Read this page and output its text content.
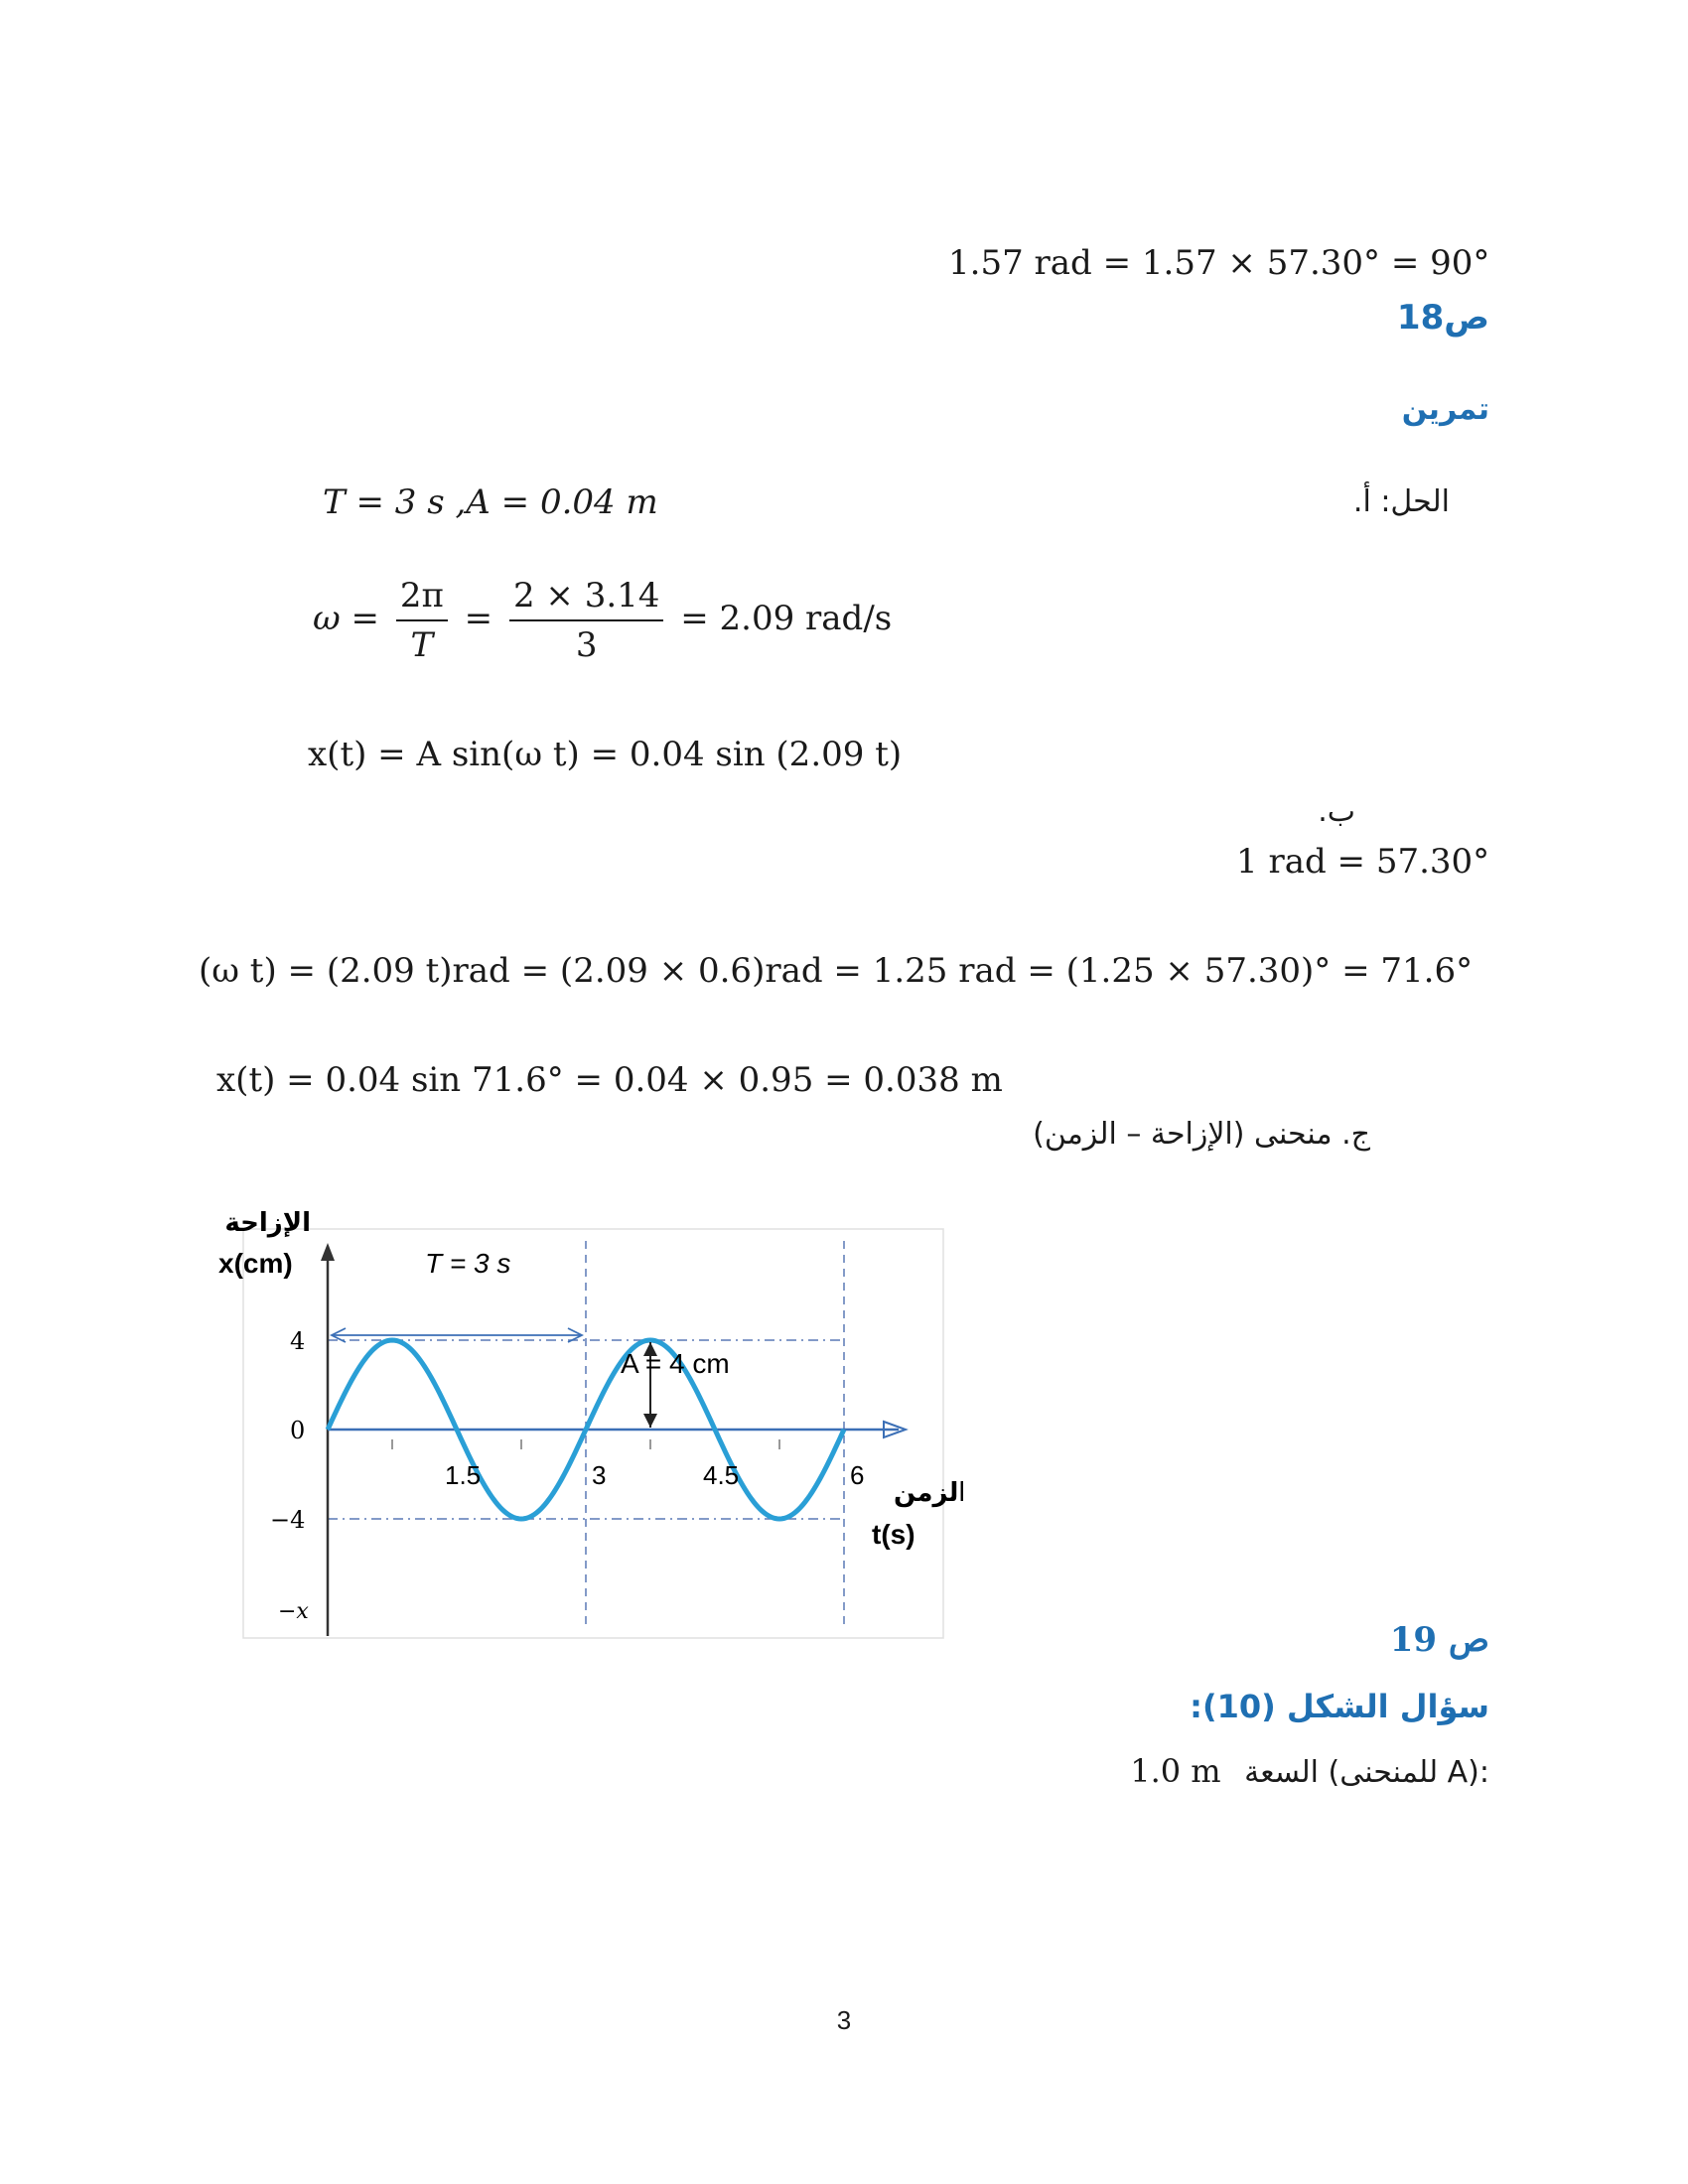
1.57 rad = 1.57 × 57.30° = 90°
ص18
تمرين
الحل: أ.
T = 3 s ,A = 0.04 m
$\omega = \frac{2\pi}{T} = \frac{2 \times 3.14}{3} = 2.09$ rad/s
x(t) = A sin(ω t) = 0.04 sin (2.09 t)
ب.
1 rad = 57.30°
(ω t) = (2.09 t)rad = (2.09 × 0.6)rad = 1.25 rad = (1.25 × 57.30)° = 71.6°
x(t) = 0.04 sin 71.6° = 0.04 × 0.95 = 0.038 m
ج. منحنى (الإزاحة – الزمن)
4
0
−4
1.5	3	4.5	6
الإزاحة
x(cm)
الزمن
t(s)
T = 3 s
A = 4 cm
−x
ص 19
سؤال الشكل (10):
1.0 m السعة (للمنحنى A):
3
